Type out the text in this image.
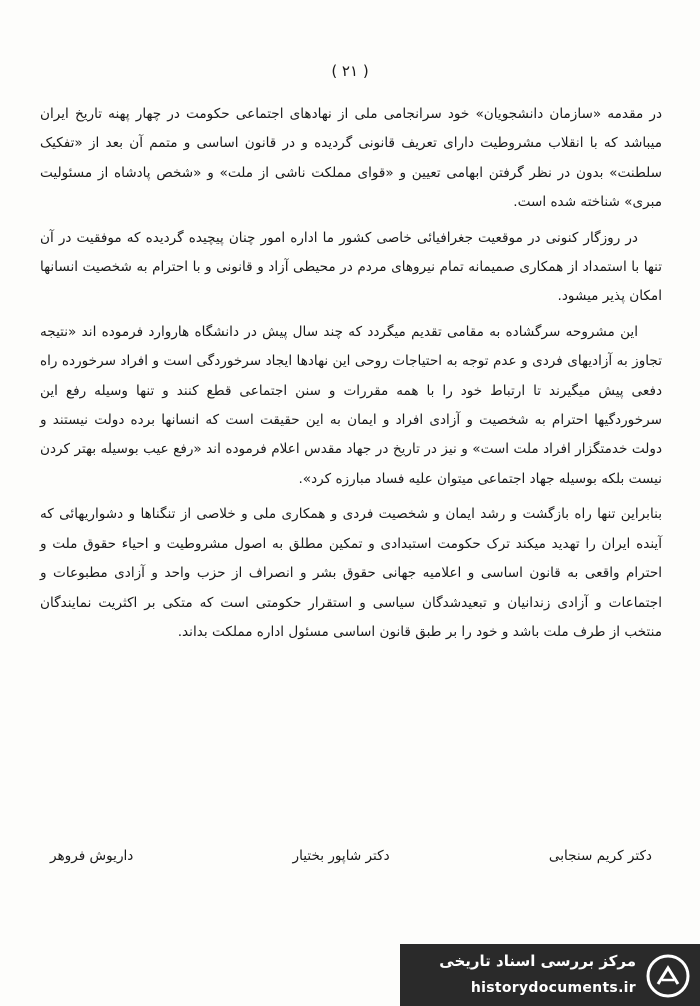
( ۲۱ )

در مقدمه «سازمان دانشجویان» خود سرانجامی ملی از نهادهای اجتماعی حکومت در چهار پهنه تاریخ ایران میباشد که با انقلاب مشروطیت دارای تعریف قانونی گردیده و در قانون اساسی و متمم آن بعد از «تفکیک سلطنت» بدون در نظر گرفتن ابهامی تعیین و «قوای مملکت ناشی از ملت» و «شخص پادشاه از مسئولیت مبری» شناخته شده است.

در روزگار کنونی در موقعیت جغرافیائی خاصی کشور ما اداره امور چنان پیچیده گردیده که موفقیت در آن تنها با استمداد از همکاری صمیمانه تمام نیروهای مردم در محیطی آزاد و قانونی و با احترام به شخصیت انسانها امکان پذیر میشود.

این مشروحه سرگشاده به مقامی تقدیم میگردد که چند سال پیش در دانشگاه هاروارد فرموده اند «نتیجه تجاوز به آزادیهای فردی و عدم توجه به احتیاجات روحی این نهادها ایجاد سرخوردگی است و افراد سرخورده راه دفعی پیش میگیرند تا ارتباط خود را با همه مقررات و سنن اجتماعی قطع کنند و تنها وسیله رفع این سرخوردگیها احترام به شخصیت و آزادی افراد و ایمان به این حقیقت است که انسانها برده دولت نیستند و دولت خدمتگزار افراد ملت است» و نیز در تاریخ در جهاد مقدس اعلام فرموده اند «رفع عیب بوسیله بهتر کردن نیست بلکه بوسیله جهاد اجتماعی میتوان علیه فساد مبارزه کرد».

بنابراین تنها راه بازگشت و رشد ایمان و شخصیت فردی و همکاری ملی و خلاصی از تنگناها و دشواریهائی که آینده ایران را تهدید میکند ترک حکومت استبدادی و تمکین مطلق به اصول مشروطیت و احیاء حقوق ملت و احترام واقعی به قانون اساسی و اعلامیه جهانی حقوق بشر و انصراف از حزب واحد و آزادی مطبوعات و اجتماعات و آزادی زندانیان و تبعیدشدگان سیاسی و استقرار حکومتی است که متکی بر اکثریت نمایندگان منتخب از طرف ملت باشد و خود را بر طبق قانون اساسی مسئول اداره مملکت بداند.

دکتر کریم سنجابی
دکتر شاپور بختیار
داریوش فروهر
مرکز بررسی اسناد تاریخی
historydocuments.ir
